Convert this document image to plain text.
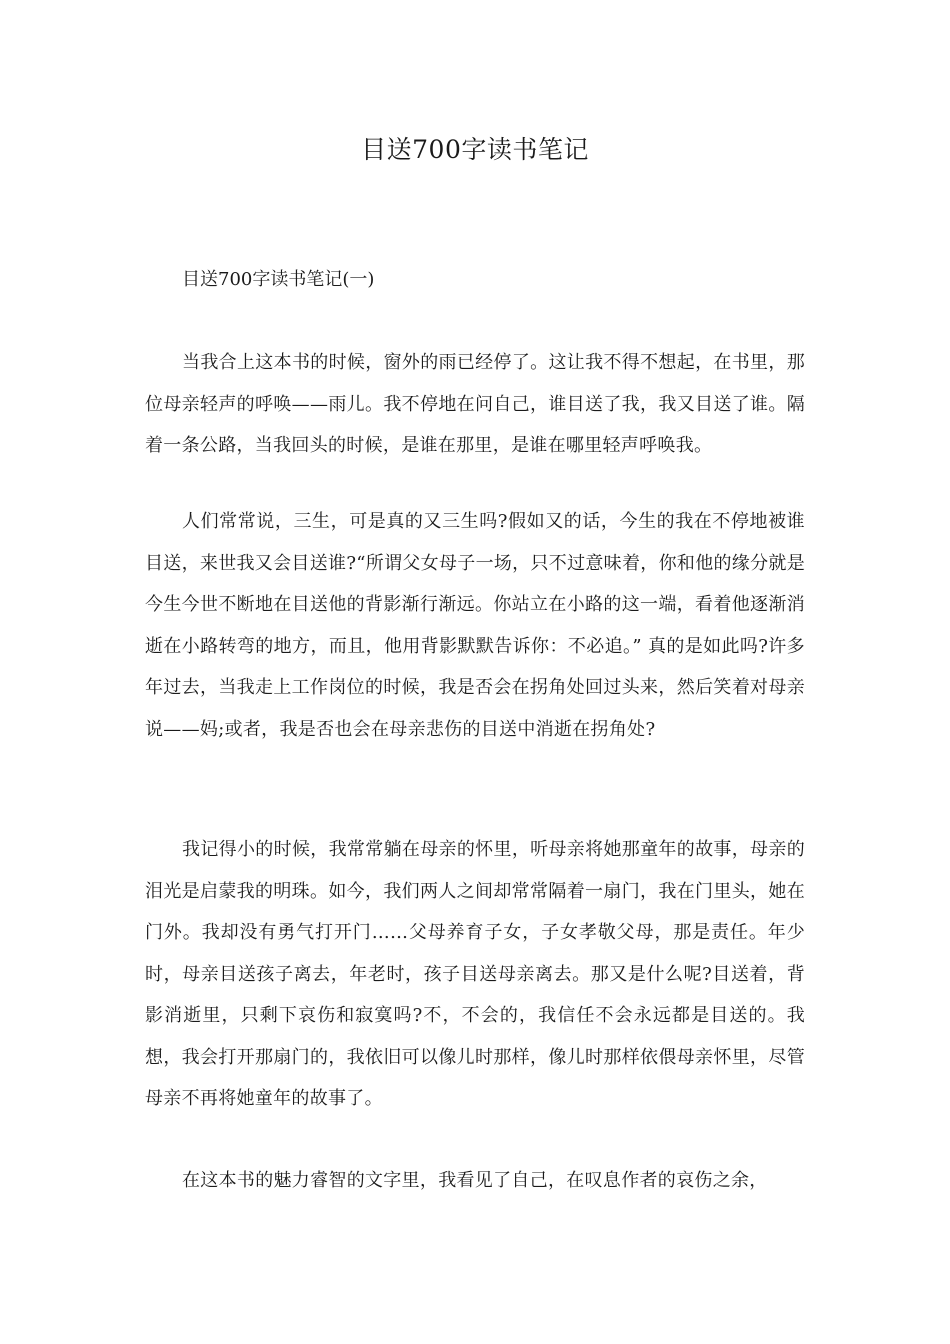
目送700字读书笔记
目送700字读书笔记(一)

当我合上这本书的时候，窗外的雨已经停了。这让我不得不想起，在书里，那位母亲轻声的呼唤——雨儿。我不停地在问自己，谁目送了我，我又目送了谁。隔着一条公路，当我回头的时候，是谁在那里，是谁在哪里轻声呼唤我。

人们常常说，三生，可是真的又三生吗?假如又的话，今生的我在不停地被谁目送，来世我又会目送谁?“所谓父女母子一场，只不过意味着，你和他的缘分就是今生今世不断地在目送他的背影渐行渐远。你站立在小路的这一端，看着他逐渐消逝在小路转弯的地方，而且，他用背影默默告诉你：不必追。” 真的是如此吗?许多年过去，当我走上工作岗位的时候，我是否会在拐角处回过头来，然后笑着对母亲说——妈;或者，我是否也会在母亲悲伤的目送中消逝在拐角处?

我记得小的时候，我常常躺在母亲的怀里，听母亲将她那童年的故事，母亲的泪光是启蒙我的明珠。如今，我们两人之间却常常隔着一扇门，我在门里头，她在门外。我却没有勇气打开门……父母养育子女，子女孝敬父母，那是责任。年少时，母亲目送孩子离去，年老时，孩子目送母亲离去。那又是什么呢?目送着，背影消逝里，只剩下哀伤和寂寞吗?不，不会的，我信任不会永远都是目送的。我想，我会打开那扇门的，我依旧可以像儿时那样，像儿时那样依偎母亲怀里，尽管母亲不再将她童年的故事了。

在这本书的魅力睿智的文字里，我看见了自己，在叹息作者的哀伤之余，
